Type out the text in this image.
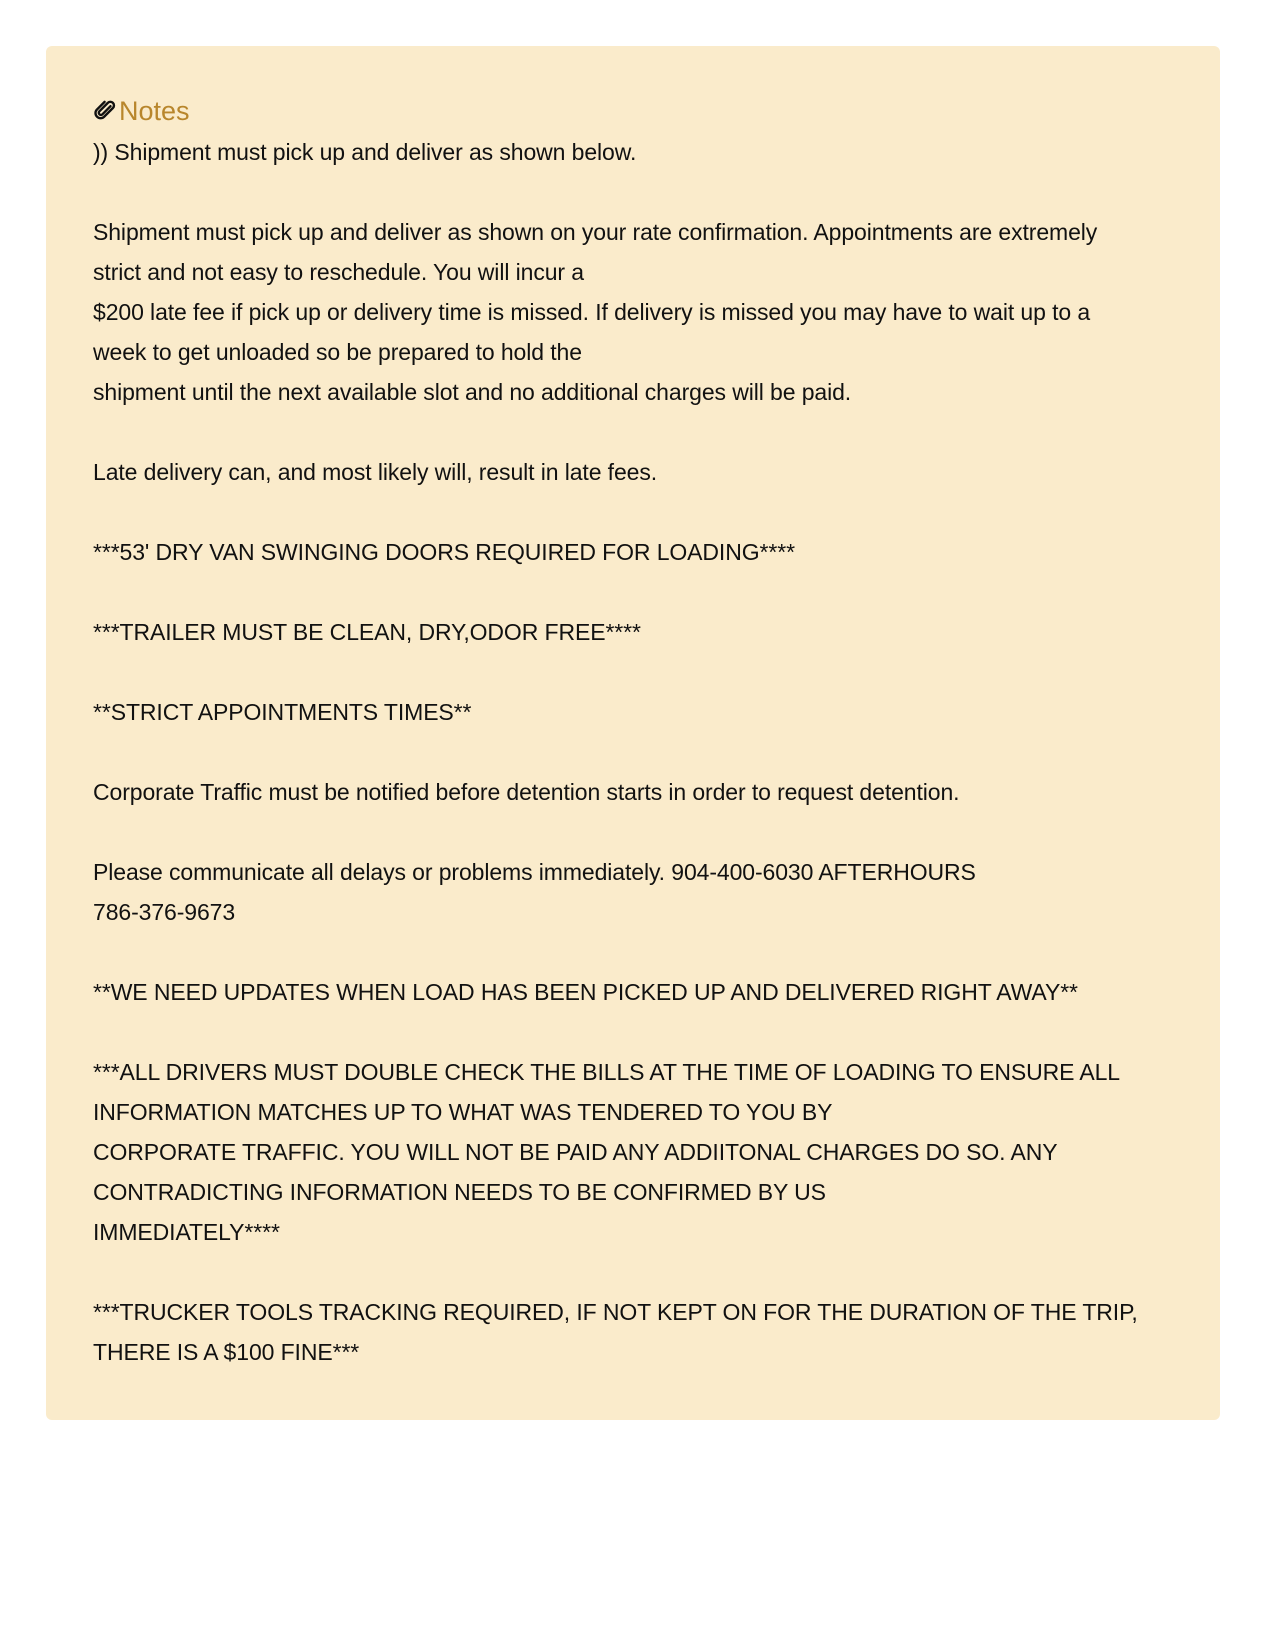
Notes
)) Shipment must pick up and deliver as shown below.
Shipment must pick up and deliver as shown on your rate confirmation. Appointments are extremely
strict and not easy to reschedule. You will incur a
$200 late fee if pick up or delivery time is missed. If delivery is missed you may have to wait up to a
week to get unloaded so be prepared to hold the
shipment until the next available slot and no additional charges will be paid.
Late delivery can, and most likely will, result in late fees.
***53' DRY VAN SWINGING DOORS REQUIRED FOR LOADING****
***TRAILER MUST BE CLEAN, DRY,ODOR FREE****
**STRICT APPOINTMENTS TIMES**
Corporate Traffic must be notified before detention starts in order to request detention.
Please communicate all delays or problems immediately. 904-400-6030 AFTERHOURS
786-376-9673
**WE NEED UPDATES WHEN LOAD HAS BEEN PICKED UP AND DELIVERED RIGHT AWAY**
***ALL DRIVERS MUST DOUBLE CHECK THE BILLS AT THE TIME OF LOADING TO ENSURE ALL
INFORMATION MATCHES UP TO WHAT WAS TENDERED TO YOU BY
CORPORATE TRAFFIC. YOU WILL NOT BE PAID ANY ADDIITONAL CHARGES DO SO. ANY
CONTRADICTING INFORMATION NEEDS TO BE CONFIRMED BY US
IMMEDIATELY****
***TRUCKER TOOLS TRACKING REQUIRED, IF NOT KEPT ON FOR THE DURATION OF THE TRIP,
THERE IS A $100 FINE***
